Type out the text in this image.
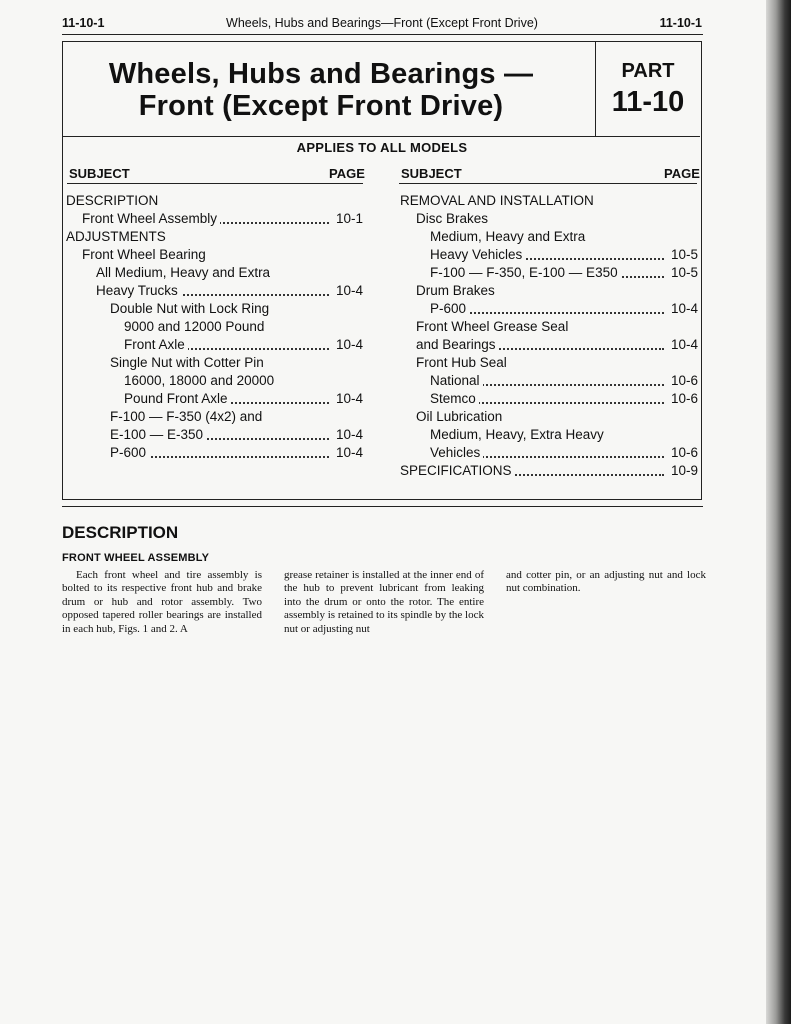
11-10-1	Wheels, Hubs and Bearings—Front (Except Front Drive)	11-10-1
Wheels, Hubs and Bearings —
Front (Except Front Drive)
PART
11-10
APPLIES TO ALL MODELS
SUBJECT	PAGE	SUBJECT	PAGE
DESCRIPTION
Front Wheel Assembly	10-1
ADJUSTMENTS
Front Wheel Bearing
All Medium, Heavy and Extra
Heavy Trucks	10-4
Double Nut with Lock Ring
9000 and 12000 Pound
Front Axle	10-4
Single Nut with Cotter Pin
16000, 18000 and 20000
Pound Front Axle	10-4
F-100 — F-350 (4x2) and
E-100 — E-350	10-4
P-600	10-4
REMOVAL AND INSTALLATION
Disc Brakes
Medium, Heavy and Extra
Heavy Vehicles	10-5
F-100 — F-350, E-100 — E350	10-5
Drum Brakes
P-600	10-4
Front Wheel Grease Seal
and Bearings	10-4
Front Hub Seal
National	10-6
Stemco	10-6
Oil Lubrication
Medium, Heavy, Extra Heavy
Vehicles	10-6
SPECIFICATIONS	10-9
DESCRIPTION
FRONT WHEEL ASSEMBLY
Each front wheel and tire assembly is bolted to its respective front hub and brake drum or hub and rotor assembly. Two opposed tapered roller bearings are installed in each hub, Figs. 1 and 2. A
grease retainer is installed at the inner end of the hub to prevent lubricant from leaking into the drum or onto the rotor. The entire assembly is retained to its spindle by the lock nut or adjusting nut
and cotter pin, or an adjusting nut and lock nut combination.
